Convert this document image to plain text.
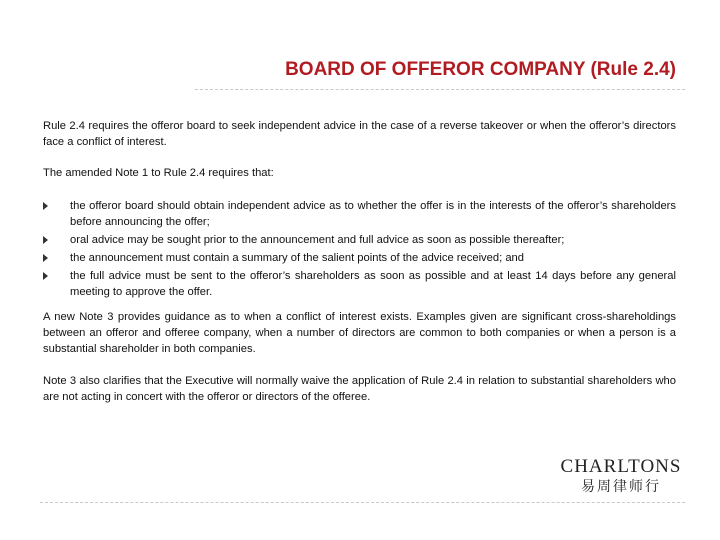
BOARD OF OFFEROR COMPANY (Rule 2.4)

Rule 2.4 requires the offeror board to seek independent advice in the case of a reverse takeover or when the offeror’s directors face a conflict of interest.

The amended Note 1 to Rule 2.4 requires that:

the offeror board should obtain independent advice as to whether the offer is in the interests of the offeror’s shareholders before announcing the offer;
oral advice may be sought prior to the announcement and full advice as soon as possible thereafter;
the announcement must contain a summary of the salient points of the advice received; and
the full advice must be sent to the offeror’s shareholders as soon as possible and at least 14 days before any general meeting to approve the offer.

A new Note 3 provides guidance as to when a conflict of interest exists. Examples given are significant cross-shareholdings between an offeror and offeree company, when a number of directors are common to both companies or when a person is a substantial shareholder in both companies.

Note 3 also clarifies that the Executive will normally waive the application of Rule 2.4 in relation to substantial shareholders who are not acting in concert with the offeror or directors of the offeree.

CHARLTONS
易周律师行
